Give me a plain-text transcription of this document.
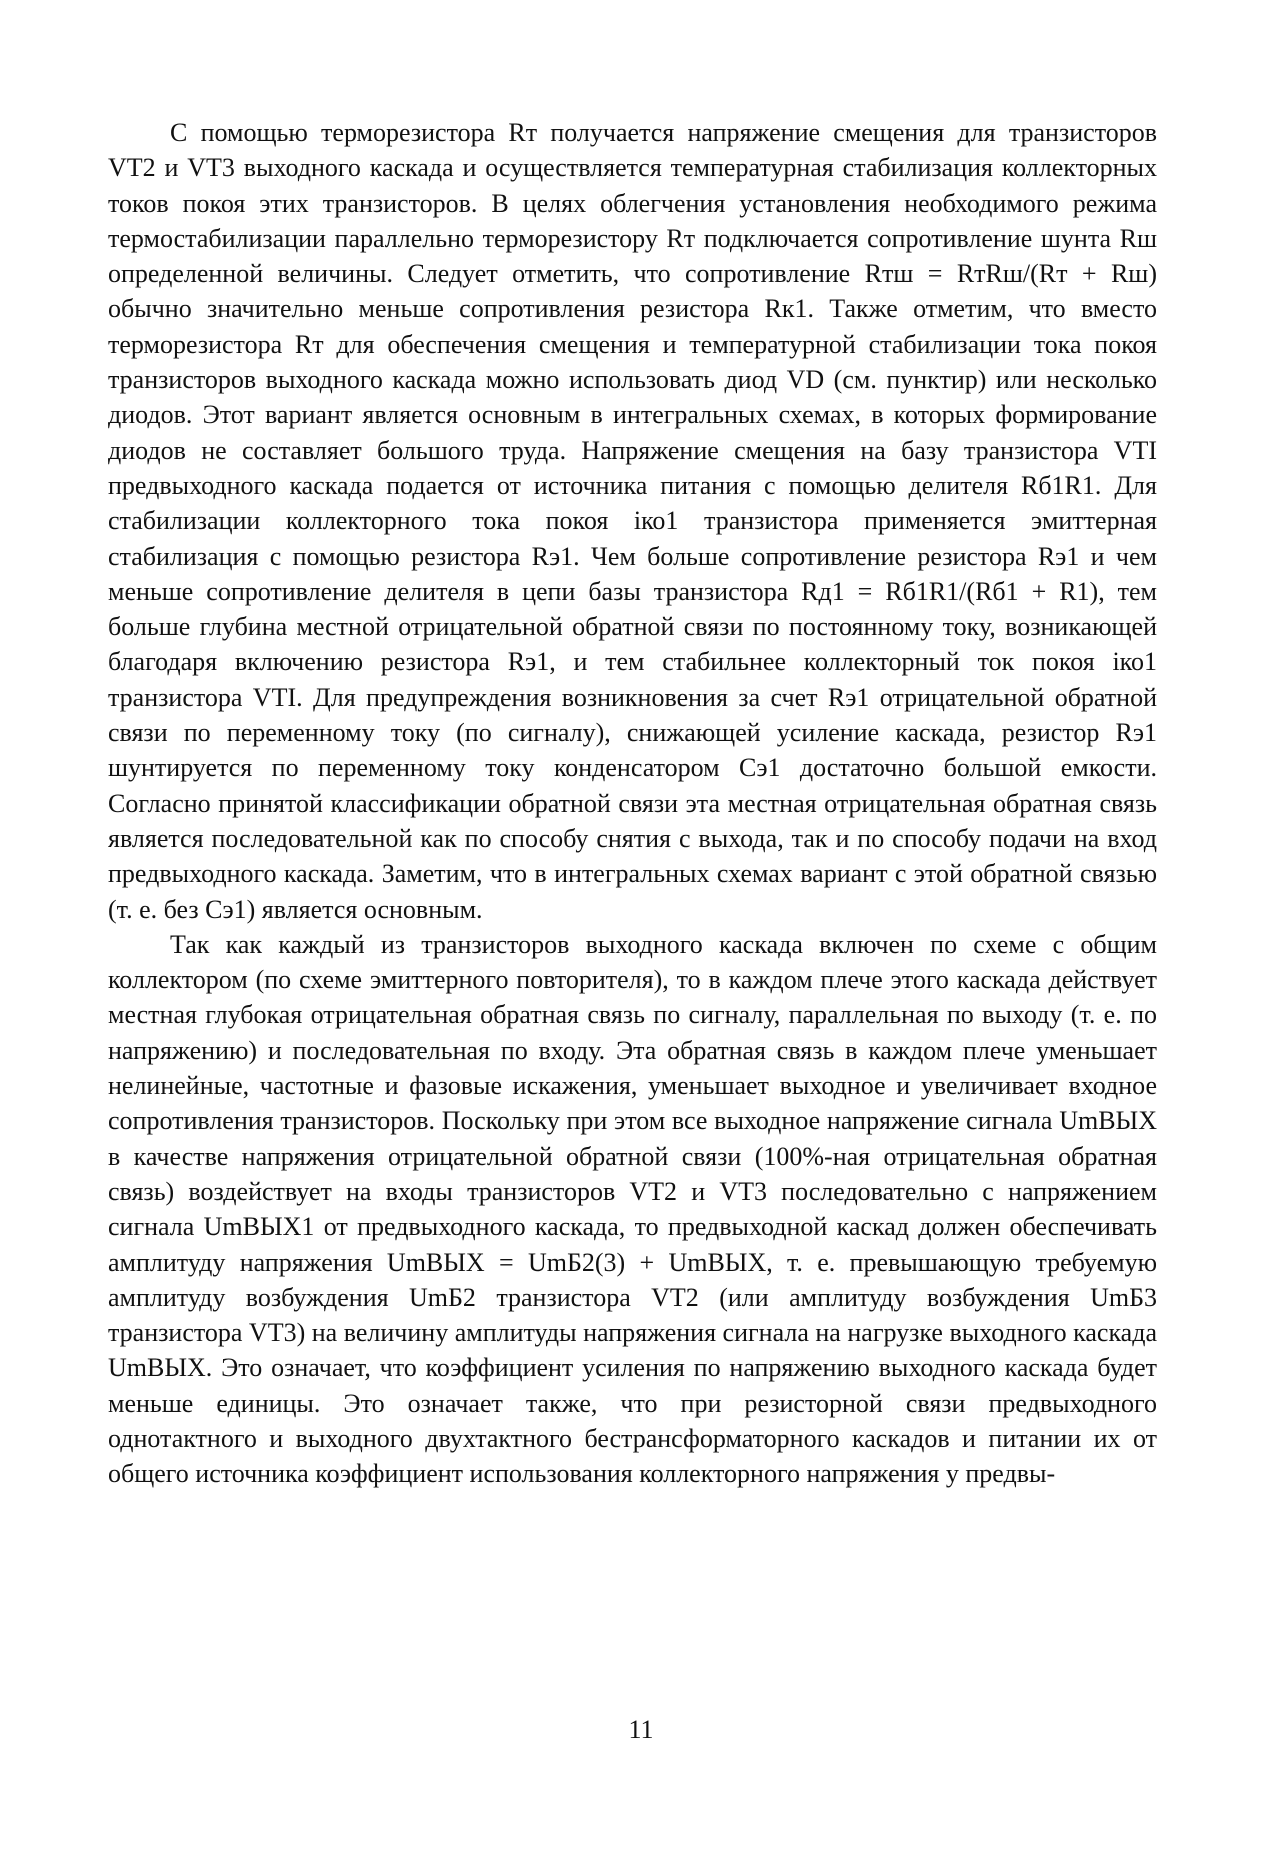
С помощью терморезистора Rт получается напряжение смещения для транзисторов VT2 и VT3 выходного каскада и осуществляется температурная стабилизация коллекторных токов покоя этих транзисторов. В целях облегчения установления необходимого режима термостабилизации параллельно терморезистору Rт подключается сопротивление шунта Rш определенной величины. Следует отметить, что сопротивление Rтш = RтRш/(Rт + Rш) обычно значительно меньше сопротивления резистора Rк1. Также отметим, что вместо терморезистора Rт для обеспечения смещения и температурной стабилизации тока покоя транзисторов выходного каскада можно использовать диод VD (см. пунктир) или несколько диодов. Этот вариант является основным в интегральных схемах, в которых формирование диодов не составляет большого труда. Напряжение смещения на базу транзистора VTI предвыходного каскада подается от источника питания с помощью делителя Rб1R1. Для стабилизации коллекторного тока покоя iко1 транзистора применяется эмиттерная стабилизация с помощью резистора Rэ1. Чем больше сопротивление резистора Rэ1 и чем меньше сопротивление делителя в цепи базы транзистора Rд1 = Rб1R1/(Rб1 + R1), тем больше глубина местной отрицательной обратной связи по постоянному току, возникающей благодаря включению резистора Rэ1, и тем стабильнее коллекторный ток покоя iко1 транзистора VTI. Для предупреждения возникновения за счет Rэ1 отрицательной обратной связи по переменному току (по сигналу), снижающей усиление каскада, резистор Rэ1 шунтируется по переменному току конденсатором Cэ1 достаточно большой емкости. Согласно принятой классификации обратной связи эта местная отрицательная обратная связь является последовательной как по способу снятия с выхода, так и по способу подачи на вход предвыходного каскада. Заметим, что в интегральных схемах вариант с этой обратной связью (т. е. без Cэ1) является основным.

Так как каждый из транзисторов выходного каскада включен по схеме с общим коллектором (по схеме эмиттерного повторителя), то в каждом плече этого каскада действует местная глубокая отрицательная обратная связь по сигналу, параллельная по выходу (т. е. по напряжению) и последовательная по входу. Эта обратная связь в каждом плече уменьшает нелинейные, частотные и фазовые искажения, уменьшает выходное и увеличивает входное сопротивления транзисторов. Поскольку при этом все выходное напряжение сигнала UmВЫХ в качестве напряжения отрицательной обратной связи (100%-ная отрицательная обратная связь) воздействует на входы транзисторов VT2 и VT3 последовательно с напряжением сигнала UmВЫХ1 от предвыходного каскада, то предвыходной каскад должен обеспечивать амплитуду напряжения UmВЫХ = UmБ2(3) + UmВЫХ, т. е. превышающую требуемую амплитуду возбуждения UmБ2 транзистора VT2 (или амплитуду возбуждения UmБ3 транзистора VT3) на величину амплитуды напряжения сигнала на нагрузке выходного каскада UmВЫХ. Это означает, что коэффициент усиления по напряжению выходного каскада будет меньше единицы. Это означает также, что при резисторной связи предвыходного однотактного и выходного двухтактного бестрансформаторного каскадов и питании их от общего источника коэффициент использования коллекторного напряжения у предвы-

11
